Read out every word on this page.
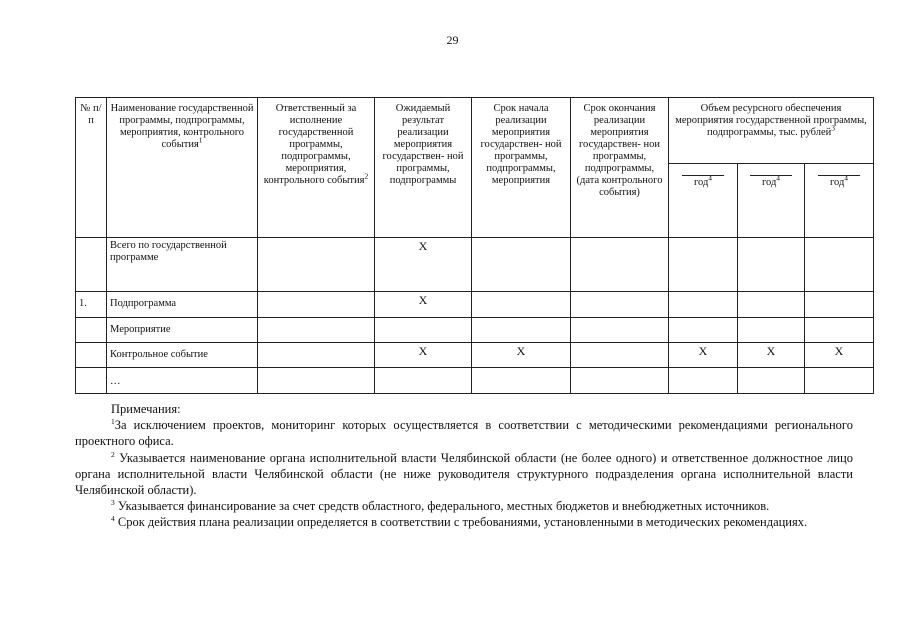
29
№ п/п	Наименование государственной программы, подпрограммы, мероприятия, контрольного события$^1$	Ответственный за исполнение государственной программы, подпрограммы, мероприятия, контрольного события$^2$	Ожидаемый результат реализации мероприятия государствен- ной программы, подпрограммы	Срок начала реализации мероприятия государствен- ной программы, подпрограммы, мероприятия	Срок окончания реализации мероприятия государствен- нои программы, подпрограммы, (дата контрольного события)	Объем ресурсного обеспечения мероприятия государственной программы, подпрограммы, тыс. рублей$^3$
						год$^4$	год$^4$	год$^4$
	Всего по государственной программе		X					
1.	Подпрограмма		X					
	Мероприятие							
	Контрольное событие		X	X		X	X	X
	…							
Примечания:

$^1$За исключением проектов, мониторинг которых осуществляется в соответствии с методическими рекомендациями регионального проектного офиса.

$^2$ Указывается наименование органа исполнительной власти Челябинской области (не более одного) и ответственное должностное лицо органа исполнительной власти Челябинской области (не ниже руководителя структурного подразделения органа исполнительной власти Челябинской области).

$^3$ Указывается финансирование за счет средств областного, федерального, местных бюджетов и внебюджетных источников.

$^4$ Срок действия плана реализации определяется в соответствии с требованиями, установленными в методических рекомендациях.
